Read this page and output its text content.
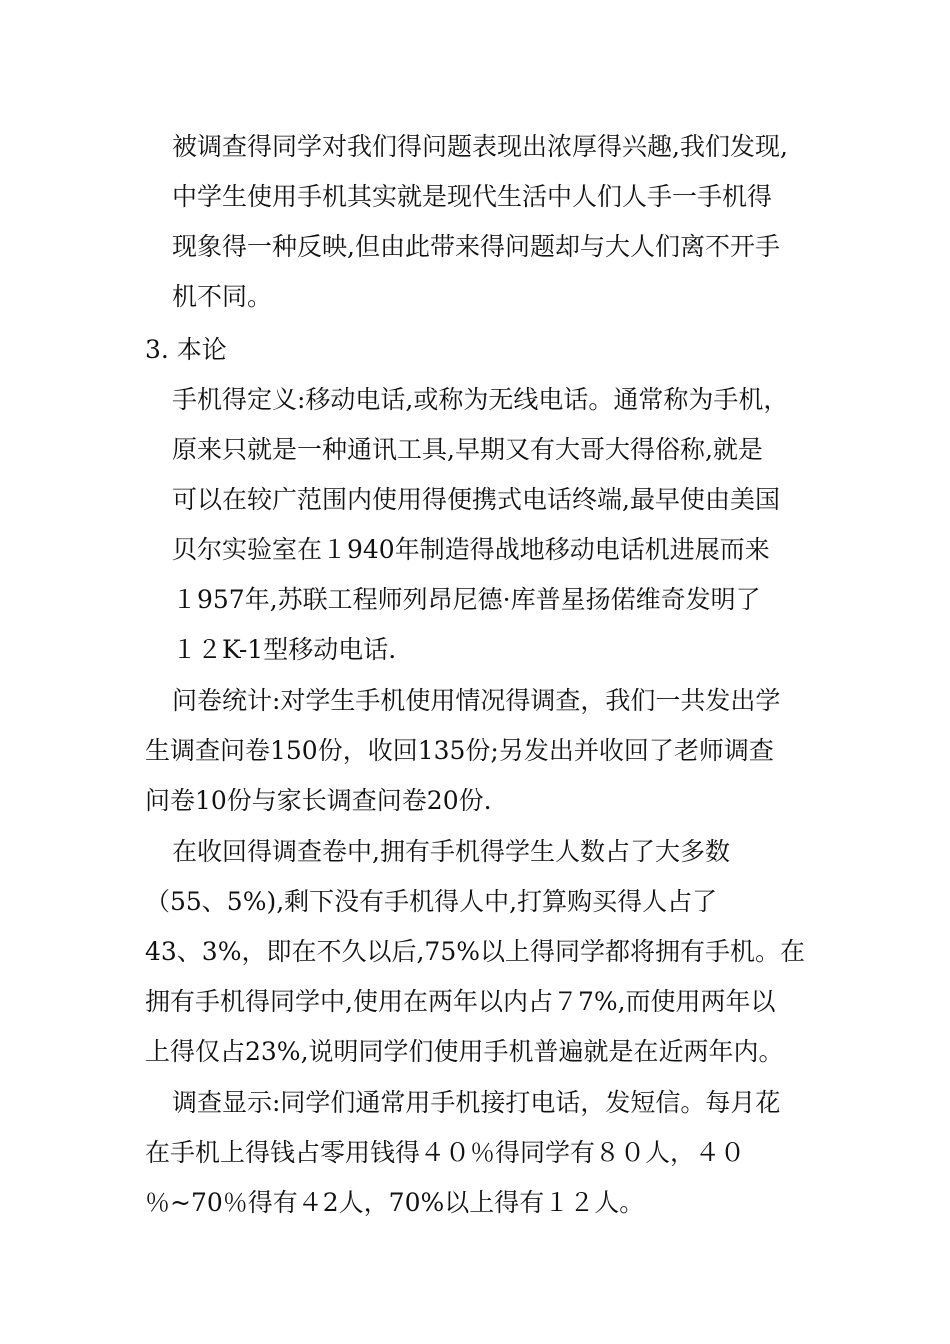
被调查得同学对我们得问题表现出浓厚得兴趣,我们发现,
中学生使用手机其实就是现代生活中人们人手一手机得
现象得一种反映,但由此带来得问题却与大人们离不开手
机不同。
3. 本论
手机得定义:移动电话,或称为无线电话。通常称为手机，
原来只就是一种通讯工具,早期又有大哥大得俗称,就是
可以在较广范围内使用得便携式电话终端,最早使由美国
贝尔实验室在１940年制造得战地移动电话机进展而来
１957年,苏联工程师列昂尼德·库普星扬偌维奇发明了
１２K-1型移动电话.
问卷统计:对学生手机使用情况得调查，我们一共发出学
生调查问卷150份，收回135份;另发出并收回了老师调查
问卷10份与家长调查问卷20份.
在收回得调查卷中,拥有手机得学生人数占了大多数
（55、5%),剩下没有手机得人中,打算购买得人占了
43、3%，即在不久以后,75%以上得同学都将拥有手机。在
拥有手机得同学中,使用在两年以内占７7%,而使用两年以
上得仅占23%,说明同学们使用手机普遍就是在近两年内。
调查显示:同学们通常用手机接打电话，发短信。每月花
在手机上得钱占零用钱得４０％得同学有８０人，４０
％~70％得有４2人，70%以上得有１２人。
